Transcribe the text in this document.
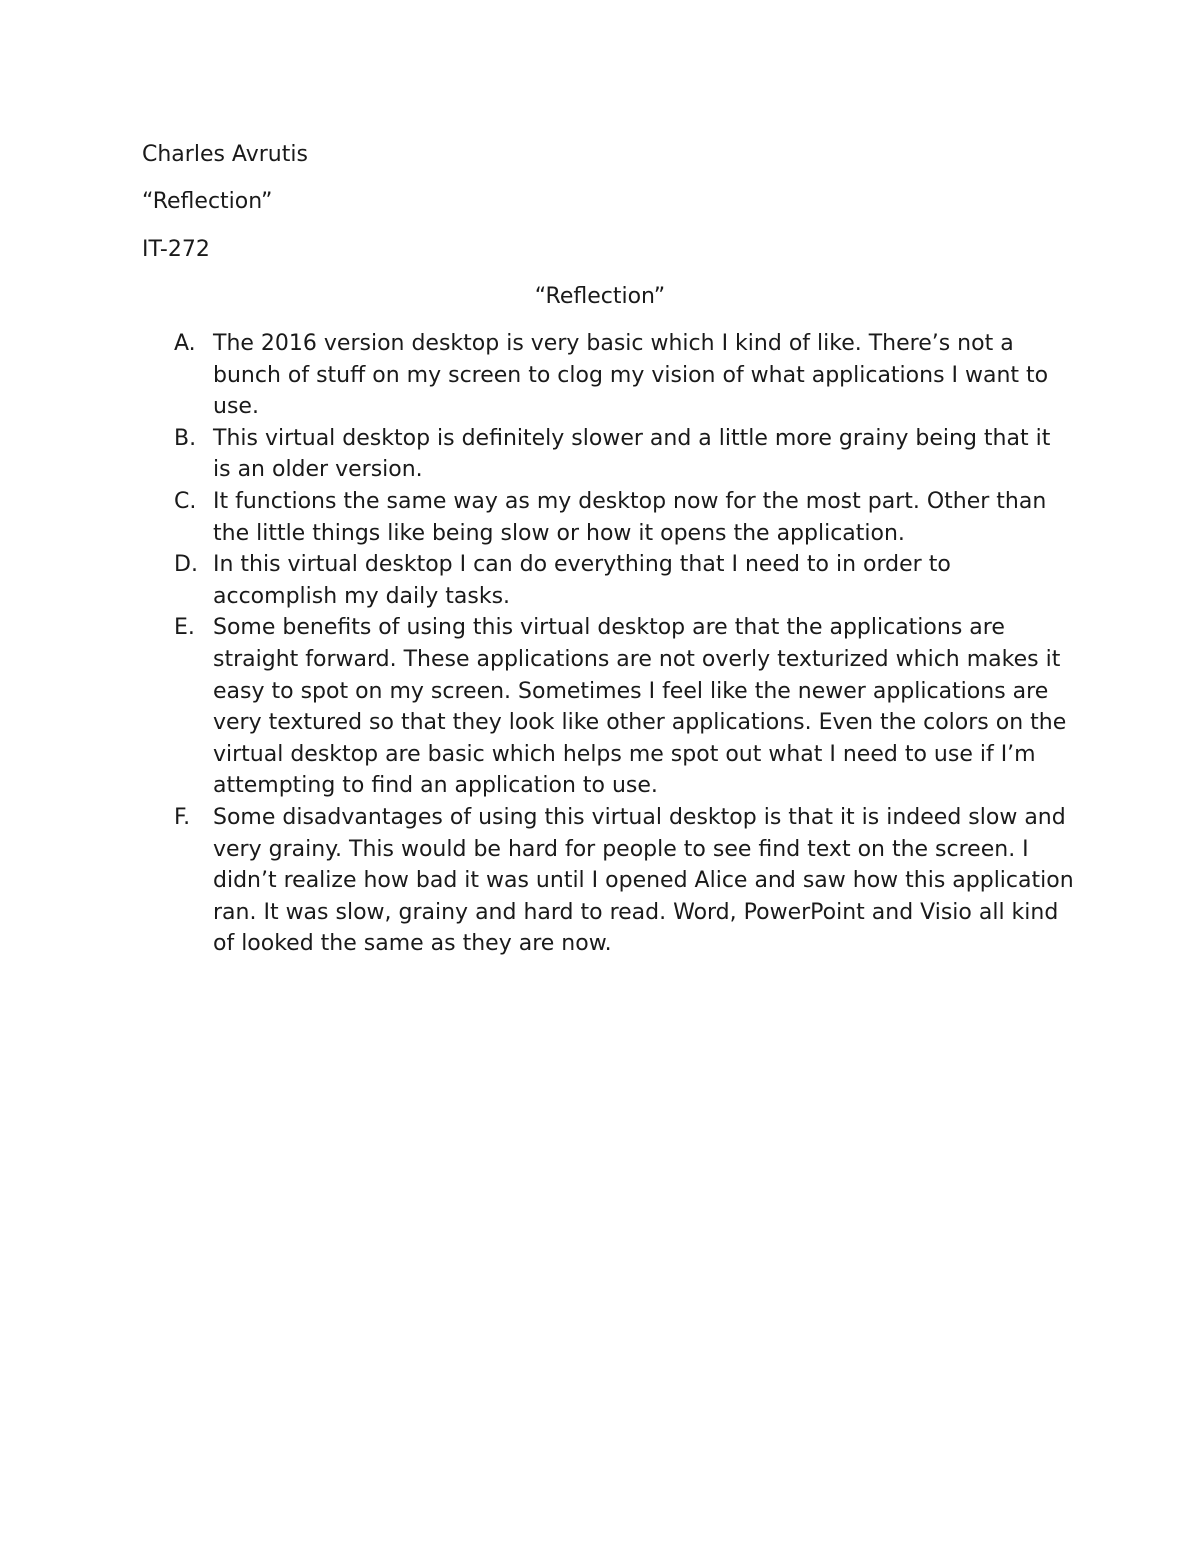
Charles Avrutis
“Reflection”
IT-272
“Reflection”
A. The 2016 version desktop is very basic which I kind of like. There’s not a bunch of stuff on my screen to clog my vision of what applications I want to use.
B. This virtual desktop is definitely slower and a little more grainy being that it is an older version.
C. It functions the same way as my desktop now for the most part. Other than the little things like being slow or how it opens the application.
D. In this virtual desktop I can do everything that I need to in order to accomplish my daily tasks.
E. Some benefits of using this virtual desktop are that the applications are straight forward. These applications are not overly texturized which makes it easy to spot on my screen. Sometimes I feel like the newer applications are very textured so that they look like other applications. Even the colors on the virtual desktop are basic which helps me spot out what I need to use if I’m attempting to find an application to use.
F. Some disadvantages of using this virtual desktop is that it is indeed slow and very grainy. This would be hard for people to see find text on the screen. I didn’t realize how bad it was until I opened Alice and saw how this application ran. It was slow, grainy and hard to read. Word, PowerPoint and Visio all kind of looked the same as they are now.
